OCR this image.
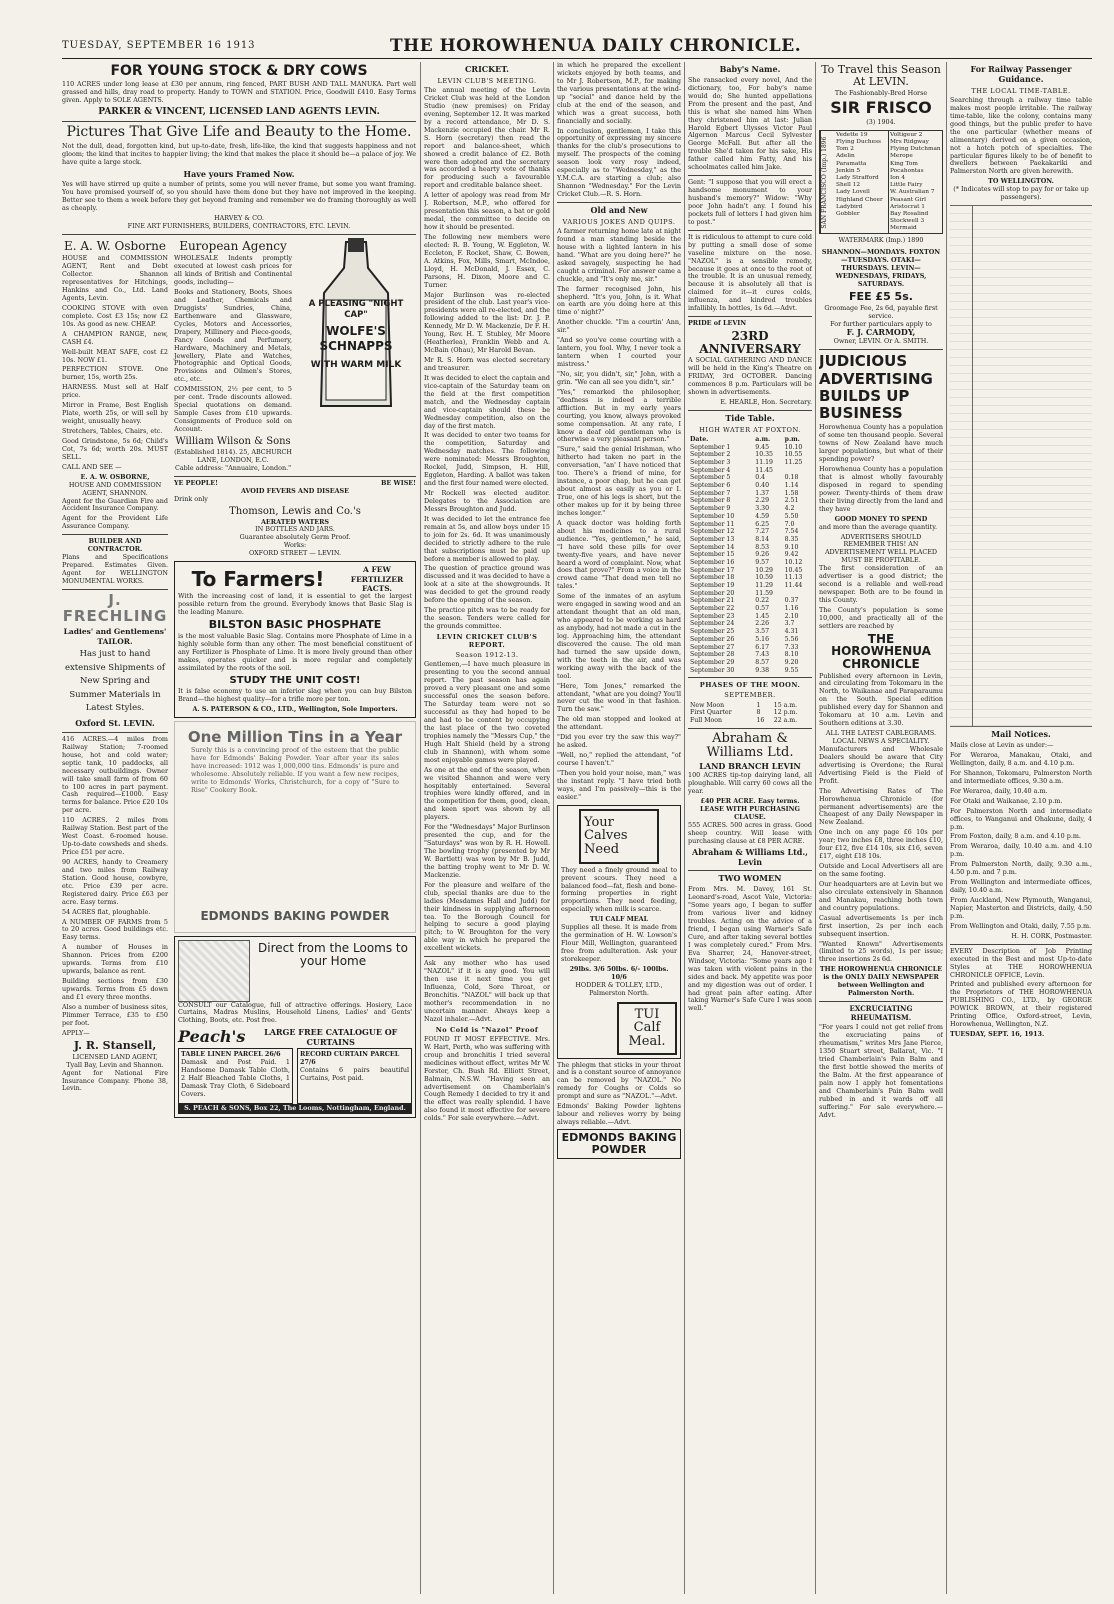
TUESDAY, SEPTEMBER 16 1913	THE HOROWHENUA DAILY CHRONICLE.
FOR YOUNG STOCK & DRY COWS

110 ACRES under long lease at £30 per annum, ring fenced, PART BUSH AND TALL MANUKA. Part well grassed and hills, dray road to property. Handy to TOWN and STATION. Price, Goodwill £410. Easy Terms given. Apply to SOLE AGENTS.

PARKER & VINCENT, LICENSED LAND AGENTS LEVIN.
Pictures That Give Life and Beauty to the Home.

Not the dull, dead, forgotten kind, but up-to-date, fresh, life-like, the kind that suggests happiness and not gloom; the kind that incites to happier living; the kind that makes the place it should be—a palace of joy. We have quite a large stock.

Have yours Framed Now.

Yes will have stirred up quite a number of prints, some you will never frame, but some you want framing. You have promised yourself of, so you should have them done but they have not improved in the keeping. Better see to them a week before they get beyond framing and remember we do framing thoroughly as well as cheaply.

HARVEY & CO.
FINE ART FURNISHERS, BUILDERS, CONTRACTORS, ETC. LEVIN.
E. A. W. Osborne

HOUSE and COMMISSION AGENT, Rent and Debt Collector. Shannon representatives for Hitchings, Hankins and Co., Ltd. Land Agents, Levin.

COOKING STOVE with oven complete. Cost £3 15s; now £2 10s. As good as new. CHEAP.

A CHAMPION RANGE, new, CASH £4.

Well-built MEAT SAFE, cost £2 10s. NOW £1.

PERFECTION STOVE. One burner, 15s, worth 25s.

HARNESS. Must sell at Half price.

Mirror in Frame, Best English Plate, worth 25s, or will sell by weight, unusually heavy.

Stretchers, Tables, Chairs, etc.

Good Grindstone, 5s 6d; Child's Cot, 7s 6d; worth 20s. MUST SELL.

CALL AND SEE —

E. A. W. OSBORNE,
HOUSE AND COMMISSION AGENT, SHANNON.

Agent for the Guardian Fire and Accident Insurance Company.

Agent for the Provident Life Assurance Company.

BUILDER AND CONTRACTOR.

Plans and Specifications Prepared. Estimates Given. Agent for WELLINGTON MONUMENTAL WORKS.

J. FRECHLING
Ladies' and Gentlemens' TAILOR.

Has just to hand extensive Shipments of New Spring and Summer Materials in Latest Styles.

Oxford St. LEVIN.

416 ACRES.—4 miles from Railway Station; 7-roomed house, hot and cold water; septic tank, 10 paddocks, all necessary outbuildings. Owner will take small farm of from 60 to 100 acres in part payment. Cash required—£1000. Easy terms for balance. Price £20 10s per acre.

110 ACRES. 2 miles from Railway Station. Best part of the West Coast. 6-roomed house. Up-to-date cowsheds and sheds. Price £51 per acre.

90 ACRES, handy to Creamery and two miles from Railway Station. Good house, cowbyre, etc. Price £39 per acre. Registered dairy. Price £63 per acre. Easy terms.

54 ACRES flat, ploughable.

A NUMBER OF FARMS from 5 to 20 acres. Good buildings etc. Easy terms.

A number of Houses in Shannon. Prices from £200 upwards. Terms from £10 upwards, balance as rent.

Building sections from £30 upwards. Terms from £5 down and £1 every three months.

Also a number of business sites, Plimmer Terrace, £35 to £50 per foot.

APPLY—
J. R. Stansell,
LICENSED LAND AGENT,
Tyall Bay, Levin and Shannon.

Agent for National Fire Insurance Company. Phone 38, Levin.

European Agency

WHOLESALE Indents promptly executed at lowest cash prices for all kinds of British and Continental goods, including—

Books and Stationery, Boots, Shoes and Leather, Chemicals and Druggists' Sundries, China, Earthenware and Glassware, Cycles, Motors and Accessories, Drapery, Millinery and Piece-goods, Fancy Goods and Perfumery, Hardware, Machinery and Metals, Jewellery, Plate and Watches, Photographic and Optical Goods, Provisions and Oilmen's Stores, etc., etc.

COMMISSION, 2½ per cent, to 5 per cent. Trade discounts allowed. Special quotations on demand. Sample Cases from £10 upwards. Consignments of Produce sold on Account.

William Wilson & Sons
(Established 1814). 25, ABCHURCH LANE, LONDON, E.C.
Cable address: "Annuaire, London."
A PLEASING "NIGHT CAP"
WOLFE'S SCHNAPPS
WITH WARM MILK
YE PEOPLE!	BE WISE!
AVOID FEVERS AND DISEASE
Drink only
Thomson, Lewis and Co.'s
AERATED WATERS
IN BOTTLES AND JARS.
Guarantee absolutely Germ Proof.
Works:
OXFORD STREET — LEVIN.
To Farmers!	A FEW FERTILIZER FACTS.

With the increasing cost of land, it is essential to get the largest possible return from the ground. Everybody knows that Basic Slag is the leading Manure.

BILSTON BASIC PHOSPHATE

is the most valuable Basic Slag. Contains more Phosphate of Lime in a highly soluble form than any other. The most beneficial constituent of any Fertilizer is Phosphate of Lime. It is more lively ground than other makes, operates quicker and is more regular and completely assimilated by the roots of the soil.

STUDY THE UNIT COST!

It is false economy to use an inferior slag when you can buy Bilston Brand—the highest quality—for a trifle more per ton.

A. S. PATERSON & CO., LTD., Wellington, Sole Importers.
One Million Tins in a Year

Surely this is a convincing proof of the esteem that the public have for Edmonds' Baking Powder. Year after year its sales have increased: 1912 was 1,000,000 tins. Edmonds' is pure and wholesome. Absolutely reliable. If you want a few new recipes, write to Edmonds' Works, Christchurch, for a copy of "Sure to Rise" Cookery Book.

EDMONDS BAKING POWDER
Direct from the Looms to your Home

CONSULT our Catalogue, full of attractive offerings. Hosiery, Lace Curtains, Madras Muslins, Household Linens, Ladies' and Gents' Clothing, Boots, etc. Post free.

Peach's	LARGE FREE CATALOGUE OF CURTAINS
TABLE LINEN PARCEL 26/6

Damask and Post Paid. 1 Handsome Damask Table Cloth, 2 Half Bleached Table Cloths, 1 Damask Tray Cloth, 6 Sideboard Covers.

RECORD CURTAIN PARCEL 27/6

Contains 6 pairs beautiful Curtains, Post paid.

S. PEACH & SONS, Box 22, The Looms, Nottingham, England.
CRICKET.
LEVIN CLUB'S MEETING.

The annual meeting of the Levin Cricket Club was held at the London Studio (new premises) on Friday evening, September 12. It was marked by a record attendance, Mr D. S. Mackenzie occupied the chair. Mr R. S. Horn (secretary) then read the report and balance-sheet, which showed a credit balance of £2. Both were then adopted and the secretary was accorded a hearty vote of thanks for producing such a favourable report and creditable balance sheet.

A letter of apology was read from Mr J. Robertson, M.P., who offered for presentation this season, a bat or gold medal, the committee to decide on how it should be presented.

The following new members were elected: R. B. Young, W. Eggleton, W. Eccleton, F. Rocket, Shaw, C. Bowen, A. Atkins, Fox, Mills, Smart, McIndoe, Lloyd, H. McDonald, J. Essex, C. Parsons, H. Dixon, Moore and C. Turner.

Major Burlinson was re-elected president of the club. Last year's vice-presidents were all re-elected, and the following added to the list: Dr. J. P. Kennedy, Mr D. W. Mackenzie, Dr F. H. Young, Rev. H. T. Stubley, Mr Moore (Heatherlea), Franklin Webb and A. McBain (Ohau), Mr Harold Bevan.

Mr R. S. Horn was elected secretary and treasurer.

It was decided to elect the captain and vice-captain of the Saturday team on the field at the first competition match, and the Wednesday captain and vice-captain should these be Wednesday competition, also on the day of the first match.

It was decided to enter two teams for the competition, Saturday and Wednesday matches. The following were nominated: Messrs Broughton, Rockel, Judd, Simpson, H. Hill, Eggleton, Harding. A ballot was taken and the first four named were elected.

Mr Rockell was elected auditor. Delegates to the Association are Messrs Broughton and Judd.

It was decided to let the entrance fee remain at 5s, and allow boys under 15 to join for 2s. 6d. It was unanimously decided to strictly adhere to the rule that subscriptions must be paid up before a member is allowed to play.

The question of practice ground was discussed and it was decided to have a look at a site at the showgrounds. It was decided to get the ground ready before the opening of the season.

The practice pitch was to be ready for the season. Tenders were called for the grounds committee.

LEVIN CRICKET CLUB'S REPORT.
Season 1912-13.

Gentlemen,—I have much pleasure in presenting to you the second annual report. The past season has again proved a very pleasant one and some successful ones the season before. The Saturday team were not so successful as they had hoped to be and had to be content by occupying the last place of the two coveted trophies namely the "Messrs Cup," the Hugh Halt Shield (held by a strong club in Shannon), with whom some most enjoyable games were played.

As one at the end of the season, when we visited Shannon and were very hospitably entertained. Several trophies were kindly offered, and in the competition for them, good, clean, and keen sport was shown by all players.

For the "Wednesdays" Major Burlinson presented the cup, and for the "Saturdays" was won by R. H. Howell. The bowling trophy (presented by Mr W. Bartlett) was won by Mr B. Judd, the batting trophy went to Mr D. W. Mackenzie.

For the pleasure and welfare of the club, special thanks are due to the ladies (Mesdames Hall and Judd) for their kindness in supplying afternoon tea. To the Borough Council for helping to secure a good playing pitch; to W. Broughton for the very able way in which he prepared the excellent wickets.

Ask any mother who has used "NAZOL" if it is any good. You will then use it next time you get Influenza, Cold, Sore Throat, or Bronchitis. "NAZOL" will back up that mother's recommendation in no uncertain manner. Always keep a Nazol inhaler.—Advt.

No Cold is "Nazol" Proof

FOUND IT MOST EFFECTIVE. Mrs. W. Hart, Perth, who was suffering with croup and bronchitis I tried several medicines without effect, writes Mr W. Forster, Ch. Bush Rd. Elliott Street, Balmain, N.S.W. "Having seen an advertisement on Chamberlain's Cough Remedy I decided to try it and the effect was really splendid. I have also found it most effective for severe colds." For sale everywhere.—Advt.

in which he prepared the excellent wickets enjoyed by both teams, and to Mr J. Robertson, M.P., for making the various presentations at the wind-up "social" and dance held by the club at the end of the season, and which was a great success, both financially and socially.

In conclusion, gentlemen, I take this opportunity of expressing my sincere thanks for the club's prosecutions to myself. The prospects of the coming season look very rosy indeed, especially as to "Wednesday," as the Y.M.C.A. are starting a club; also Shannon "Wednesday." For the Levin Cricket Club.—R. S. Horn.

Old and New
VARIOUS JOKES AND QUIPS.

A farmer returning home late at night found a man standing beside the house with a lighted lantern in his hand. "What are you doing here?" he asked savagely, suspecting he had caught a criminal. For answer came a chuckle, and "It's only me, sir."

The farmer recognised John, his shepherd. "It's you, John, is it. What on earth are you doing here at this time o' night?"

Another chuckle. "I'm a courtin' Ann, sir."

"And so you've come courting with a lantern, you fool. Why, I never took a lantern when I courted your mistress."

"No, sir, you didn't, sir," John, with a grin. "We can all see you didn't, sir."

"Yes," remarked the philosopher, "deafness is indeed a terrible affliction. But in my early years courting, you know, always provoked some compensation. At any rate, I know a deaf old gentleman who is otherwise a very pleasant person."

"Sure," said the genial Irishman, who hitherto had taken no part in the conversation, "an' I have noticed that too. There's a friend of mine, for instance, a poor chap, but he can get about almost as easily as you or I. True, one of his legs is short, but the other makes up for it by being three inches longer."

A quack doctor was holding forth about his medicines to a rural audience. "Yes, gentlemen," he said, "I have sold these pills for over twenty-five years, and have never heard a word of complaint. Now, what does that prove?" From a voice in the crowd came "That dead men tell no tales."

Some of the inmates of an asylum were engaged in sawing wood and an attendant thought that an old man, who appeared to be working as hard as anybody, had not made a cut in the log. Approaching him, the attendant discovered the cause. The old man had turned the saw upside down, with the teeth in the air, and was working away with the back of the tool.

"Here, Tom Jones," remarked the attendant, "what are you doing? You'll never cut the wood in that fashion. Turn the saw."

The old man stopped and looked at the attendant.

"Did you ever try the saw this way?" he asked.

"Well, no," replied the attendant, "of course I haven't."

"Then you hold your noise, man," was the instant reply. "I have tried both ways, and I'm passively—this is the easier."

Your Calves Need

They need a finely ground meal to prevent scours. They need a balanced food—fat, flesh and bone-forming properties in right proportions. They need feeding, especially when milk is scarce.

TUI CALF MEAL

Supplies all these. It is made from the germination of H. W. Lowson's Flour Mill, Wellington, guaranteed free from adulteration. Ask your storekeeper.

29lbs. 3/6 50lbs. 6/- 100lbs. 10/6
HODDER & TOLLEY, LTD., Palmerston North.
TUI Calf Meal.

The phlegm that sticks in your throat and is a constant source of annoyance can be removed by "NAZOL." No remedy for Coughs or Colds so prompt and sure as "NAZOL."—Advt.

Edmonds' Baking Powder lightens labour and relieves worry by being always reliable.—Advt.

EDMONDS BAKING POWDER
Baby's Name.

She ransacked every novel, And the dictionary, too, For baby's name would do; She hunted appellations From the present and the past, And this is what she named him When they christened him at last: Julian Harold Egbert Ulysses Victor Paul Algernon Marcus Cecil Sylvester George McFall. But after all the trouble She'd taken for his sake, His father called him Fatty, And his schoolmates called him Jake.

Gent: "I suppose that you will erect a handsome monument to your husband's memory?" Widow: "Why poor John hadn't any. I found his pockets full of letters I had given him to post."

It is ridiculous to attempt to cure cold by putting a small dose of some vaseline mixture on the nose. "NAZOL" is a sensible remedy, because it goes at once to the root of the trouble. It is an unusual remedy, because it is absolutely all that is claimed for it—it cures colds, influenza, and kindred troubles infallibly. In bottles, 1s 6d.—Advt.

PRIDE of LEVIN
23RD ANNIVERSARY

A SOCIAL GATHERING AND DANCE will be held in the King's Theatre on FRIDAY, 3rd OCTOBER. Dancing commences 8 p.m. Particulars will be shown in advertisements.

E. HEARLE, Hon. Secretary.
Tide Table.
HIGH WATER AT FOXTON.
Date.	a.m.	p.m.
September 1	9.45	10.10
September 2	10.35	10.55
September 3	11.19	11.25
September 4	11.45	
September 5	0.4	0.18
September 6	0.40	1.14
September 7	1.37	1.58
September 8	2.29	2.51
September 9	3.30	4.2
September 10	4.59	5.50
September 11	6.25	7.0
September 12	7.27	7.54
September 13	8.14	8.35
September 14	8.53	9.10
September 15	9.26	9.42
September 16	9.57	10.12
September 17	10.29	10.45
September 18	10.59	11.13
September 19	11.29	11.44
September 20	11.59	
September 21	0.22	0.37
September 22	0.57	1.16
September 23	1.45	2.10
September 24	2.26	3.7
September 25	3.57	4.31
September 26	5.16	5.56
September 27	6.17	7.33
September 28	7.43	8.10
September 29	8.57	9.20
September 30	9.38	9.55
PHASES OF THE MOON.
SEPTEMBER.
New Moon	1	15 a.m.
First Quarter	8	12 p.m.
Full Moon	16	22 a.m.
Abraham & Williams Ltd.
LAND BRANCH LEVIN

100 ACRES tip-top dairying land, all ploughable. Will carry 60 cows all the year.

£40 PER ACRE. Easy terms. LEASE WITH PURCHASING CLAUSE.

555 ACRES. 500 acres in grass. Good sheep country. Will lease with purchasing clause at £8 PER ACRE.

Abraham & Williams Ltd., Levin
TWO WOMEN

From Mrs. M. Davey, 161 St. Leonard's-road, Ascot Vale, Victoria: "Some years ago, I began to suffer from various liver and kidney troubles. Acting on the advice of a friend, I began using Warner's Safe Cure, and after taking several bottles I was completely cured." From Mrs. Eva Sharrer, 24, Hanover-street, Windsor, Victoria: "Some years ago I was taken with violent pains in the sides and back. My appetite was poor and my digestion was out of order. I had great pain after eating. After taking Warner's Safe Cure I was soon well."

To Travel this Season At LEVIN.
The Fashionably-Bred Horse
SIR FRISCO
(3) 1904.
SAN FRANCISCO (Imp.) 1896
Vedette 19
Flying Duchess
Tom 2
Adelin
Paramatta
Jenkin 5
Lady Strafford
Shell 12
Lady Lovell
Highland Cheer
Ladybird
Gobbler
Voltigeur 2
Mrs Ridgway
Flying Dutchman
Merope
King Tom
Pocahontas
Ion 4
Little Fairy
W. Australian 7
Peasant Girl
Aristocrat 1
Bay Rosalind
Stockwell 3
Mermaid
WATERMARK (Imp.) 1890
SHANNON—MONDAYS. FOXTON—TUESDAYS. OTAKI—THURSDAYS. LEVIN—WEDNESDAYS, FRIDAYS, SATURDAYS.
FEE £5 5s.
Groomage Fee, 2s 6d, payable first service.
For further particulars apply to
F. J. CARMODY,
Owner, LEVIN. Or A. SMITH.
JUDICIOUS ADVERTISING BUILDS UP BUSINESS

Horowhenua County has a population of some ten thousand people. Several towns of New Zealand have much larger populations, but what of their spending power?

Horowhenua County has a population that is almost wholly favourably disposed in regard to spending power. Twenty-thirds of them draw their living directly from the land and they have

GOOD MONEY TO SPEND

and more than the average quantity.

ADVERTISERS SHOULD REMEMBER THIS! AN ADVERTISEMENT WELL PLACED MUST BE PROFITABLE.

The first consideration of an advertiser is a good district; the second is a reliable and well-read newspaper. Both are to be found in this County.

The County's population is some 10,000, and practically all of the settlers are reached by

THE HOROWHENUA CHRONICLE

Published every afternoon in Levin, and circulating from Tokomaru in the North, to Waikanae and Paraparaumu on the South. Special edition published every day for Shannon and Tokomaru at 10 a.m. Levin and Southern editions at 3.30.

ALL THE LATEST CABLEGRAMS. LOCAL NEWS A SPECIALITY.

Manufacturers and Wholesale Dealers should be aware that City advertising is Overdone; the Rural Advertising Field is the Field of Profit.

The Advertising Rates of The Horowhenua Chronicle (for permanent advertisements) are the Cheapest of any Daily Newspaper in New Zealand.

One inch on any page £6 10s per year; two inches £8, three inches £10, four £12, five £14 10s, six £16, seven £17, eight £18 10s.

Outside and Local Advertisers all are on the same footing.

Our headquarters are at Levin but we also circulate extensively in Shannon and Manakau, reaching both town and country populations.

Casual advertisements 1s per inch first insertion, 2s per inch each subsequent insertion.

"Wanted Known" Advertisements (limited to 25 words), 1s per issue; three insertions 2s 6d.

THE HOROWHENUA CHRONICLE is the ONLY DAILY NEWSPAPER between Wellington and Palmerston North.
EXCRUCIATING RHEUMATISM.

"For years I could not get relief from the excruciating pains of rheumatism," writes Mrs Jane Pierce, 1350 Stuart street, Ballarat, Vic. "I tried Chamberlain's Pain Balm and the first bottle showed the merits of the Balm. At the first appearance of pain now I apply hot fomentations and Chamberlain's Pain Balm well rubbed in and it wards off all suffering." For sale everywhere.—Advt.

For Railway Passenger Guidance.
THE LOCAL TIME-TABLE.

Searching through a railway time table makes most people irritable. The railway time-table, like the colony, contains many good things, but the public prefer to have the one particular (whether means of alimentary) derived on a given occasion, not a hotch potch of specialties. The particular figures likely to be of benefit to dwellers between Paekakariki and Palmerston North are given herewith.

TO WELLINGTON.
(* Indicates will stop to pay for or take up passengers).
Mail Notices.

Mails close at Levin as under:—

For Weraroa, Manakau, Otaki, and Wellington, daily, 8 a.m. and 4.10 p.m.

For Shannon, Tokomaru, Palmerston North and intermediate offices, 9.30 a.m.

For Weraroa, daily, 10.40 a.m.

For Otaki and Waikanae, 2.10 p.m.

For Palmerston North and intermediate offices, to Wanganui and Ohakune, daily, 4 p.m.

From Foxton, daily, 8 a.m. and 4.10 p.m.

From Weraroa, daily, 10.40 a.m. and 4.10 p.m.

From Palmerston North, daily, 9.30 a.m., 4.50 p.m. and 7 p.m.

From Wellington and intermediate offices, daily, 10.40 a.m.

From Auckland, New Plymouth, Wanganui, Napier, Masterton and Districts, daily, 4.50 p.m.

From Wellington and Otaki, daily, 7.55 p.m.

H. H. CORK, Postmaster.

EVERY Description of Job Printing executed in the Best and most Up-to-date Styles at THE HOROWHENUA CHRONICLE OFFICE, Levin.

Printed and published every afternoon for the Proprietors of THE HOROWHENUA PUBLISHING CO., LTD., by GEORGE POWICK BROWN, at their registered Printing Office, Oxford-street, Levin, Horowhenua, Wellington, N.Z.

TUESDAY, SEPT. 16, 1913.
